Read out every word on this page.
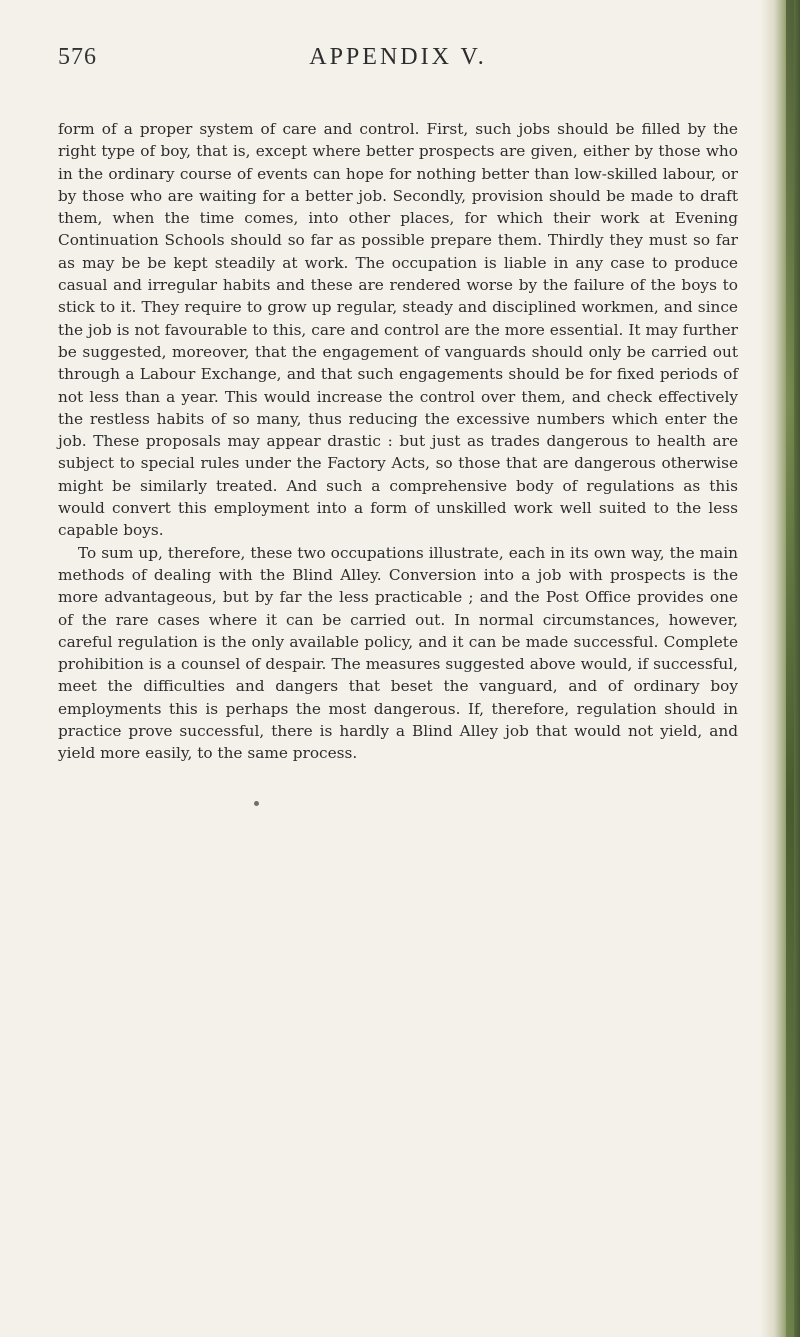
576	APPENDIX V.

form of a proper system of care and control. First, such jobs should be filled by the right type of boy, that is, except where better prospects are given, either by those who in the ordinary course of events can hope for nothing better than low-skilled labour, or by those who are waiting for a better job. Secondly, provision should be made to draft them, when the time comes, into other places, for which their work at Evening Continuation Schools should so far as possible prepare them. Thirdly they must so far as may be be kept steadily at work. The occupation is liable in any case to produce casual and irregular habits and these are rendered worse by the failure of the boys to stick to it. They require to grow up regular, steady and disciplined workmen, and since the job is not favourable to this, care and control are the more essential. It may further be suggested, moreover, that the engagement of vanguards should only be carried out through a Labour Exchange, and that such engagements should be for fixed periods of not less than a year. This would increase the control over them, and check effectively the restless habits of so many, thus reducing the excessive numbers which enter the job. These proposals may appear drastic : but just as trades dangerous to health are subject to special rules under the Factory Acts, so those that are dangerous otherwise might be similarly treated. And such a comprehensive body of regulations as this would convert this employment into a form of unskilled work well suited to the less capable boys.

To sum up, therefore, these two occupations illustrate, each in its own way, the main methods of dealing with the Blind Alley. Conversion into a job with prospects is the more advantageous, but by far the less practicable ; and the Post Office provides one of the rare cases where it can be carried out. In normal circumstances, however, careful regulation is the only available policy, and it can be made successful. Complete prohibition is a counsel of despair. The measures suggested above would, if successful, meet the difficulties and dangers that beset the vanguard, and of ordinary boy employments this is perhaps the most dangerous. If, therefore, regulation should in practice prove successful, there is hardly a Blind Alley job that would not yield, and yield more easily, to the same process.
